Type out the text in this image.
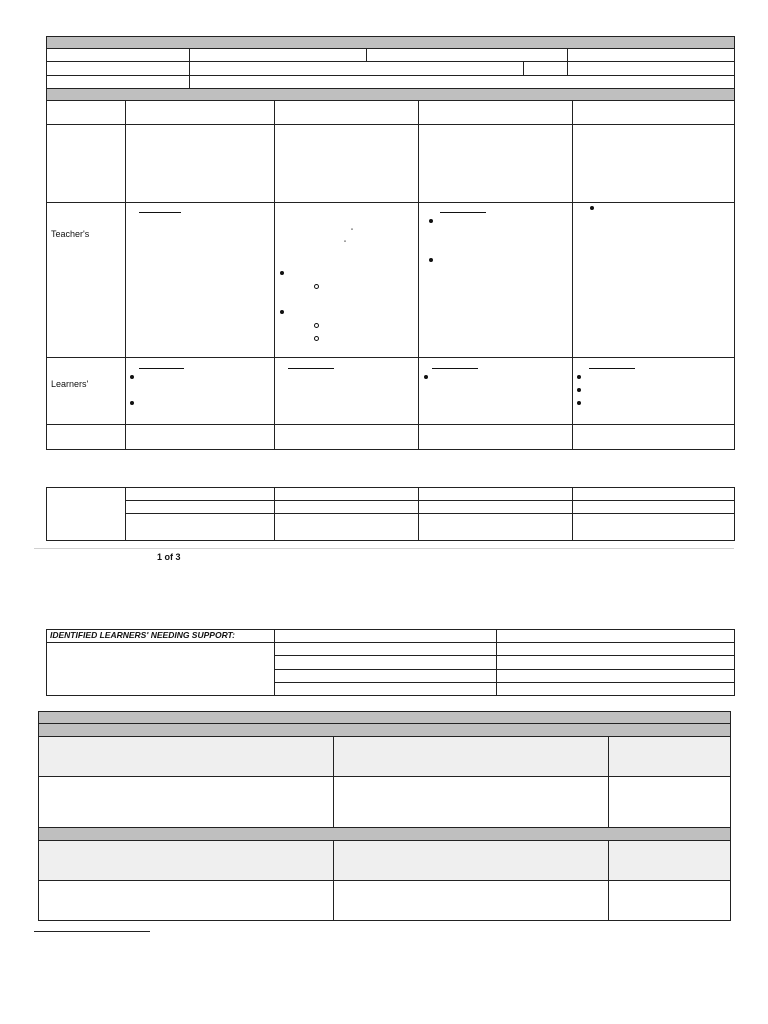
Teacher's	"
"
Learners'
1 of 3
IDENTIFIED LEARNERS' NEEDING SUPPORT:
